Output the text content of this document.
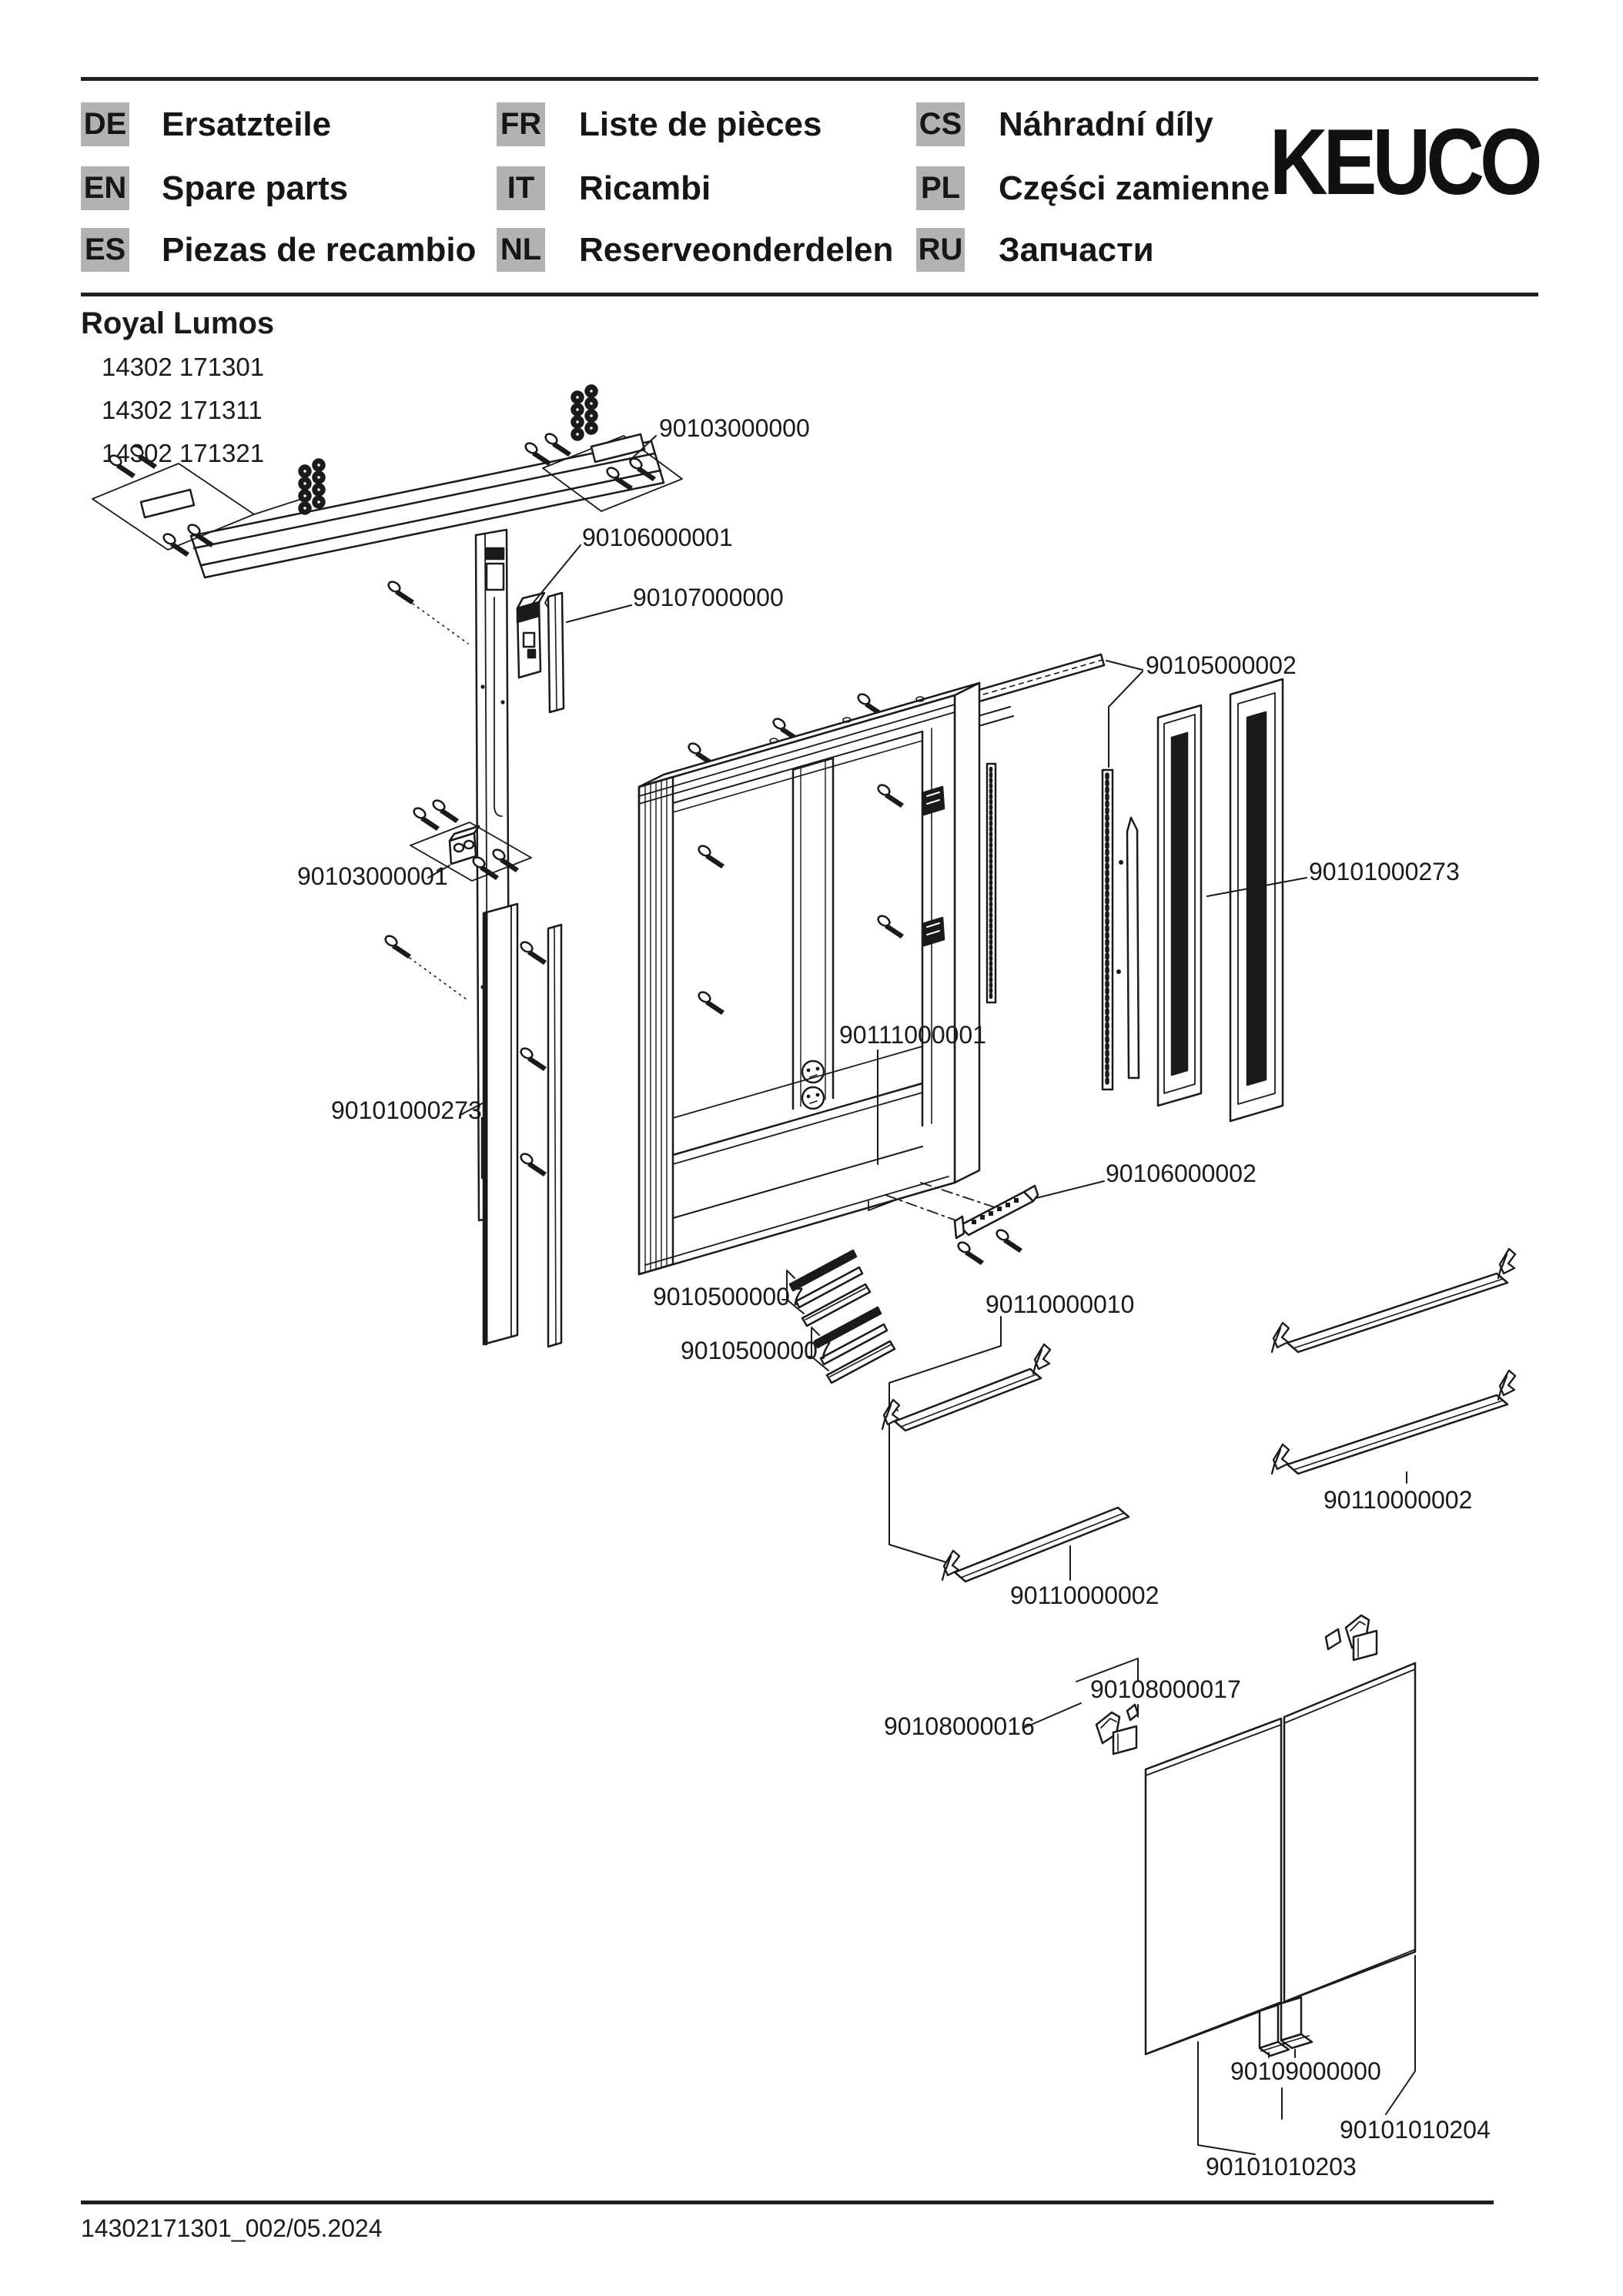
DE Ersatzteile
EN Spare parts
ES Piezas de recambio
FR Liste de pièces
IT	Ricambi
NL Reserveonderdelen
CS Náhradní díly
PL Części zamienne
RU Запчасти
KEUCO
Royal Lumos
14302 171301
14302 171311
14302 171321
90103000000
90106000001
90107000000
90105000002
90101000273
90103000001
90101000273
90111000001
90106000002
90105000007
90105000007
90110000010
90110000002
90110000002
90108000017
90108000016
90109000000
90101010204
90101010203
14302171301_002/05.2024
